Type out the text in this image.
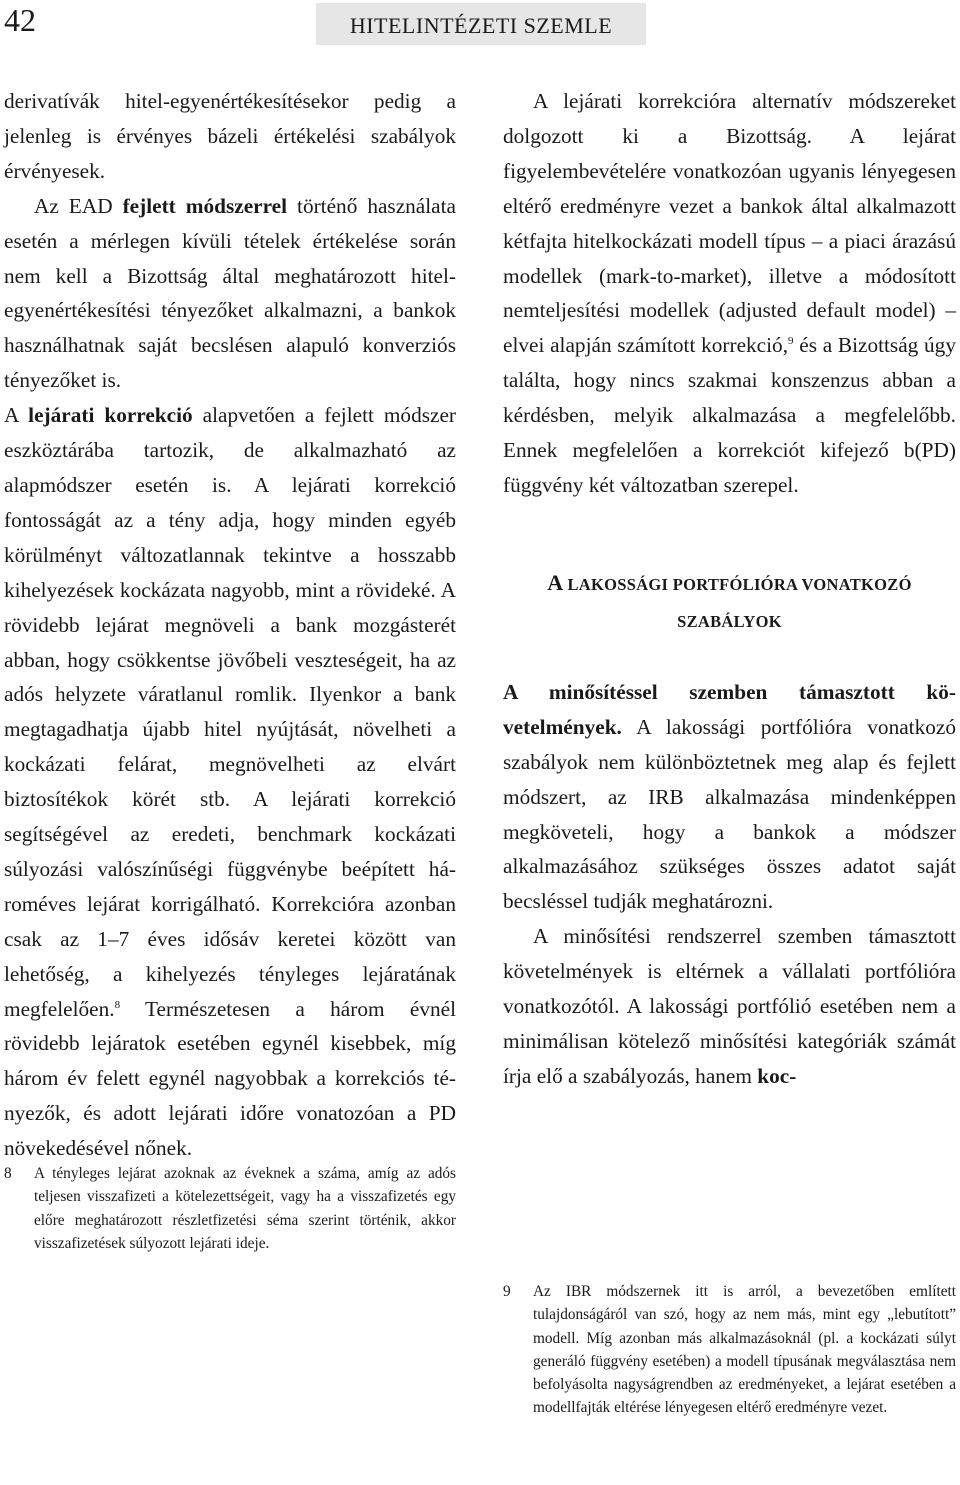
42	HITELINTÉZETI SZEMLE

derivatívák hitel-egyenértékesítésekor pedig a jelenleg is érvényes bázeli értékelési szabályok érvényesek.

Az EAD fejlett módszerrel történő használata esetén a mérlegen kívüli tételek értékelése során nem kell a Bizottság által meghatározott hitel-egyenértékesítési tényezőket alkalmazni, a bankok használhatnak saját becslésen alapuló konverziós tényezőket is.

A lejárati korrekció alapvetően a fejlett módszer eszköztárába tartozik, de alkalmazható az alapmódszer esetén is. A lejárati korrekció fontosságát az a tény adja, hogy minden egyéb körülményt változatlannak tekintve a hosszabb kihelyezések kockázata nagyobb, mint a rövideké. A rövidebb lejárat megnöveli a bank mozgásterét abban, hogy csökkentse jövőbeli veszteségeit, ha az adós helyzete váratlanul romlik. Ilyenkor a bank megtagadhatja újabb hitel nyújtását, növelheti a kockázati felárat, megnövelheti az elvárt biztosítékok körét stb. A lejárati korrekció segítségével az eredeti, benchmark kockázati súlyozási valószínűségi függvénybe beépített hároméves lejárat korrigálható. Korrekcióra azonban csak az 1–7 éves idősáv keretei között van lehetőség, a kihelyezés tényleges lejáratának megfelelően.$^8$ Természetesen a három évnél rövidebb lejáratok esetében egynél kisebbek, míg három év felett egynél nagyobbak a korrekciós tényezők, és adott lejárati időre vonatozóan a PD növekedésével nőnek.

A lejárati korrekcióra alternatív módszereket dolgozott ki a Bizottság. A lejárat figyelembevételére vonatkozóan ugyanis lényegesen eltérő eredményre vezet a bankok által alkalmazott kétfajta hitelkockázati modell típus – a piaci árazású modellek (mark-to-market), illetve a módosított nemteljesítési modellek (adjusted default model) – elvei alapján számított korrekció,$^9$ és a Bizottság úgy találta, hogy nincs szakmai konszenzus abban a kérdésben, melyik alkalmazása a megfelelőbb. Ennek megfelelően a korrekciót kifejező b(PD) függvény két változatban szerepel.

A LAKOSSÁGI PORTFÓLIÓRA VONATKOZÓ SZABÁLYOK

A minősítéssel szemben támasztott követelmények. A lakossági portfólióra vonatkozó szabályok nem különböztetnek meg alap és fejlett módszert, az IRB alkalmazása mindenképpen megköveteli, hogy a bankok a módszer alkalmazásához szükséges összes adatot saját becsléssel tudják meghatározni.

A minősítési rendszerrel szemben támasztott követelmények is eltérnek a vállalati portfólióra vonatkozótól. A lakossági portfólió esetében nem a minimálisan kötelező minősítési kategóriák számát írja elő a szabályozás, hanem koc-

8 A tényleges lejárat azoknak az éveknek a száma, amíg az adós teljesen visszafizeti a kötelezettségeit, vagy ha a visszafizetés egy előre meghatározott részletfizetési séma szerint történik, akkor visszafizetések súlyozott lejárati ideje.
9 Az IBR módszernek itt is arról, a bevezetőben említett tulajdonságáról van szó, hogy az nem más, mint egy „lebutított” modell. Míg azonban más alkalmazásoknál (pl. a kockázati súlyt generáló függvény esetében) a modell típusának megválasztása nem befolyásolta nagyságrendben az eredményeket, a lejárat esetében a modellfajták eltérése lényegesen eltérő eredményre vezet.
